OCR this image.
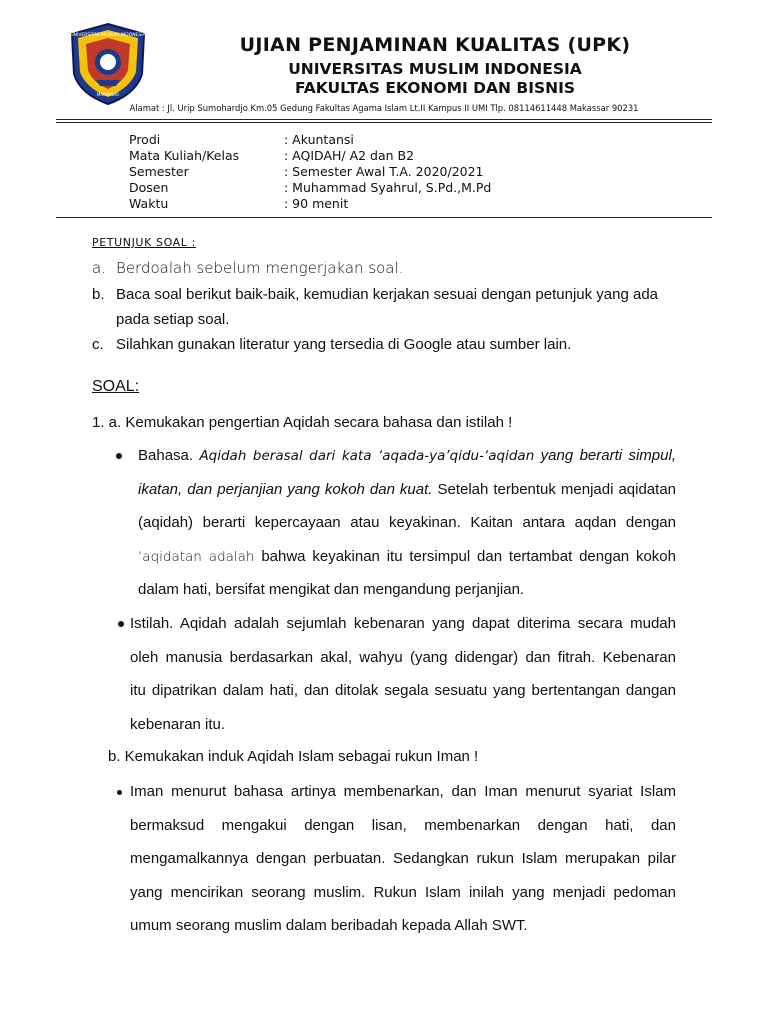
UNIVERSITAS MUSLIM INDONESIA
MAKASSAR
UJIAN PENJAMINAN KUALITAS (UPK)
UNIVERSITAS MUSLIM INDONESIA
FAKULTAS EKONOMI DAN BISNIS
Alamat : Jl. Urip Sumohardjo Km.05 Gedung Fakultas Agama Islam Lt.II Kampus II UMI Tlp. 08114611448 Makassar 90231
Prodi	: Akuntansi
Mata Kuliah/Kelas	: AQIDAH/ A2 dan B2
Semester	: Semester Awal T.A. 2020/2021
Dosen	: Muhammad Syahrul, S.Pd.,M.Pd
Waktu	: 90 menit
PETUNJUK SOAL :
a. Berdoalah sebelum mengerjakan soal.
b. Baca soal berikut baik-baik, kemudian kerjakan sesuai dengan petunjuk yang ada
pada setiap soal.
c. Silahkan gunakan literatur yang tersedia di Google atau sumber lain.
SOAL:
1. a. Kemukakan pengertian Aqidah secara bahasa dan istilah !
Bahasa. Aqidah berasal dari kata ‘aqada-ya’qidu-‘aqidan yang berarti simpul,
ikatan, dan perjanjian yang kokoh dan kuat. Setelah terbentuk menjadi aqidatan
(aqidah) berarti kepercayaan atau keyakinan. Kaitan antara aqdan dengan
‘aqidatan adalah bahwa keyakinan itu tersimpul dan tertambat dengan kokoh
dalam hati, bersifat mengikat dan mengandung perjanjian.
Istilah. Aqidah adalah sejumlah kebenaran yang dapat diterima secara mudah
oleh manusia berdasarkan akal, wahyu (yang didengar) dan fitrah. Kebenaran
itu dipatrikan dalam hati, dan ditolak segala sesuatu yang bertentangan dangan
kebenaran itu.
b. Kemukakan induk Aqidah Islam sebagai rukun Iman !
Iman menurut bahasa artinya membenarkan, dan Iman menurut syariat Islam
bermaksud mengakui dengan lisan, membenarkan dengan hati, dan
mengamalkannya dengan perbuatan. Sedangkan rukun Islam merupakan pilar
yang mencirikan seorang muslim. Rukun Islam inilah yang menjadi pedoman
umum seorang muslim dalam beribadah kepada Allah SWT.
